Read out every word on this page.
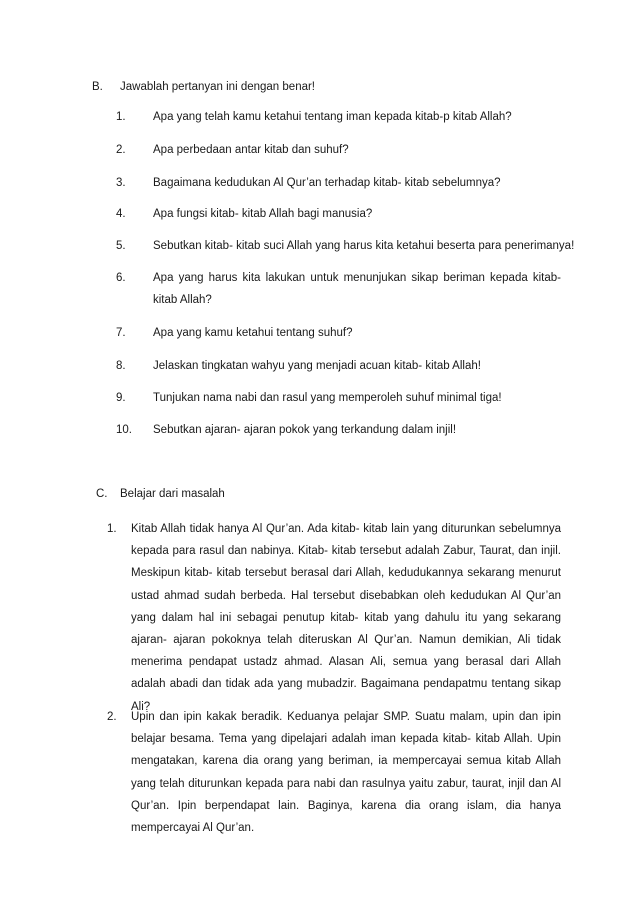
B. Jawablah pertanyan ini dengan benar!
1. Apa yang telah kamu ketahui tentang iman kepada kitab-p kitab Allah?
2. Apa perbedaan antar kitab dan suhuf?
3. Bagaimana kedudukan Al Qur’an terhadap kitab- kitab sebelumnya?
4. Apa fungsi kitab- kitab Allah bagi manusia?
5. Sebutkan kitab- kitab suci Allah yang harus kita ketahui beserta para penerimanya!
6. Apa yang harus kita lakukan untuk menunjukan sikap beriman kepada kitab- kitab Allah?
7. Apa yang kamu ketahui tentang suhuf?
8. Jelaskan tingkatan wahyu yang menjadi acuan kitab- kitab Allah!
9. Tunjukan nama nabi dan rasul yang memperoleh suhuf minimal tiga!
10. Sebutkan ajaran- ajaran pokok yang terkandung dalam injil!
C. Belajar dari masalah
1. Kitab Allah tidak hanya Al Qur’an. Ada kitab- kitab lain yang diturunkan sebelumnya kepada para rasul dan nabinya. Kitab- kitab tersebut adalah Zabur, Taurat, dan injil. Meskipun kitab- kitab tersebut berasal dari Allah, kedudukannya sekarang menurut ustad ahmad sudah berbeda. Hal tersebut disebabkan oleh kedudukan Al Qur’an yang dalam hal ini sebagai penutup kitab- kitab yang dahulu itu yang sekarang ajaran- ajaran pokoknya telah diteruskan Al Qur’an. Namun demikian, Ali tidak menerima pendapat ustadz ahmad. Alasan Ali, semua yang berasal dari Allah adalah abadi dan tidak ada yang mubadzir. Bagaimana pendapatmu tentang sikap Ali?
2. Upin dan ipin kakak beradik. Keduanya pelajar SMP. Suatu malam, upin dan ipin belajar besama. Tema yang dipelajari adalah iman kepada kitab- kitab Allah. Upin mengatakan, karena dia orang yang beriman, ia mempercayai semua kitab Allah yang telah diturunkan kepada para nabi dan rasulnya yaitu zabur, taurat, injil dan Al Qur’an. Ipin berpendapat lain. Baginya, karena dia orang islam, dia hanya mempercayai Al Qur’an.
